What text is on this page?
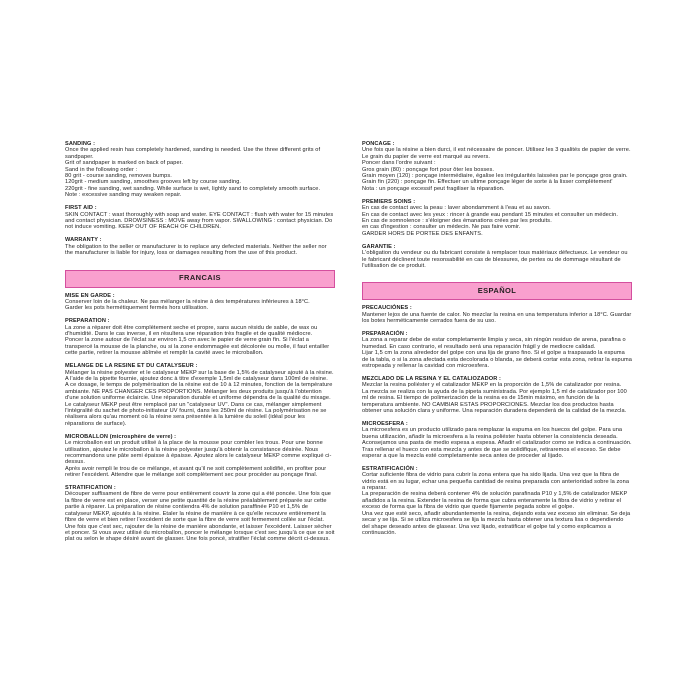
SANDING :

Once the applied resin has completely hardened, sanding is needed. Use the three different grits of sandpaper.

Grit of sandpaper is marked on back of paper.

Sand in the following order :

80 grit - course sanding, removes bumps.

120grit - medium sanding, smoothes grooves left by course sanding.

220grit - fine sanding, wet sanding. While surface is wet, lightly sand to completely smooth surface.

Note : excessive sanding may weaken repair.

FIRST AID :

SKIN CONTACT : wast thoroughly with soap and water. EYE CONTACT : flush with water for 15 minutes and contact physician. DROWSINESS : MOVE away from vapor. SWALLOWING : contact physician. Do not induce vomiting. KEEP OUT OF REACH OF CHILDREN.

WARRANTY :

The obligation to the seller or manufacturer is to replace any defected materials. Neither the seller nor the manufacturer is liable for injury, loss or damages resulting from the use of this product.

FRANCAIS
MISE EN GARDE :

Conserver loin de la chaleur. Ne pas mélanger la résine à des températures inférieures à 18°C.

Garder les pots hermétiquement fermés hors utilisation.

PREPARATION :

La zone a réparer doit être complètement seche et propre, sans aucun résidu de sable, de wax ou d'humidité. Dans le cas inverse, il en résultera une réparation très fragile et de qualité médiocre.

Poncer la zone autour de l'éclat sur environ 1,5 cm avec le papier de verre grain fin. Si l'éclat a transpercé la mousse de la planche, ou si la zone endommagée est décolorée ou molle, il faut entailler cette partie, retirer la mousse abîmée et remplir la cavité avec le microballon.

MELANGE DE LA RESINE ET DU CATALYSEUR :

Mélanger la résine polyester et le catalyseur MEKP sur la base de 1,5% de catalyseur ajouté à la résine.

A l'aide de la pipette fournie, ajoutez donc à titre d'exemple 1,5ml de catalyseur dans 100ml de résine.

A ce dosage, le temps de polymérisation de la résine est de 10 à 12 minutes, fonction de la température ambiante. NE PAS CHANGER CES PROPORTIONS. Mélanger les deux produits jusqu'à l'obtention d'une solution uniforme éclaircie. Une réparation durable et uniforme dépendra de la qualité du mixage.

Le catalyseur MEKP peut être remplacé par un "catalyseur UV". Dans ce cas, mélanger simplement l'intégralité du sachet de photo-initiateur UV fourni, dans les 250ml de résine. La polymérisation ne se réalisera alors qu'au moment où la résine sera présentée à la lumière du soleil (idéal pour les réparations de surface).

MICROBALLON (microsphère de verre) :

Le microballon est un produit utilisé à la place de la mousse pour combler les trous. Pour une bonne utilisation, ajoutez le microballon à la résine polyester jusqu'à obtenir la consistance désirée. Nous recommandons une pâte semi épaisse à épaisse. Ajoutez alors le catalyseur MEKP comme expliqué ci-dessus.

Après avoir rempli le trou de ce mélange, et avant qu'il ne soit complètement solidifié, en profiter pour retirer l'excédent. Attendre que le mélange soit complètement sec pour procéder au ponçage final.

STRATIFICATION :

Découper suffisament de fibre de verre pour entièrement couvrir la zone qui a été poncée. Une fois que la fibre de verre est en place, verser une petite quantité de la résine préalablement préparée sur cette partie à réparer. La préparation de résine contiendra 4% de solution paraffinée P10 et 1,5% de catalyseur MEKP, ajoutés à la résine. Etaler la résine de manière à ce qu'elle recouvre entièrement la fibre de verre et bien retirer l'excédent de sorte que la fibre de verre soit fermement collée sur l'éclat.

Une fois que c'est sec, rajouter de la résine de manière abondante, et laisser l'excédent. Laisser sécher et poncer. Si vous avez utilisé du microballon, poncer le mélange lorsque c'est sec jusqu'à ce que ce soit plat ou selon le shape désiré avant de glasser. Une fois poncé, stratifier l'éclat comme décrit ci-dessus.

PONCAGE :

Une fois que la résine a bien durci, il est nécessaire de poncer. Utilisez les 3 qualités de papier de verre.

Le grain du papier de verre est marqué au revers.

Poncer dans l'ordre suivant :

Gros grain (80) : ponçage fort pour ôter les bosses.

Grain moyen (120) : ponçage intermédiaire, égalise les irrégularités laissées par le ponçage gros grain.

Grain fin (220) : ponçage fin. Effectuer un ultime ponçage léger de sorte à la lisser complètement'

Nota : un ponçage excessif peut fragiliser la réparation.

PREMIERS SOINS :

En cas de contact avec la peau : laver abondamment à l'eau et au savon.

En cas de contact avec les yeux : rincer à grande eau pendant 15 minutes et consulter un médecin.

En cas de somnolence : s'éloigner des émanations crées par les produits.

en cas d'ingestion : consulter un médecin. Ne pas faire vomir.

GARDER HORS DE PORTEE DES ENFANTS.

GARANTIE :

L'obligation du vendeur ou du fabricant consiste à remplacer tous matériaux défectueux. Le vendeur ou le fabricant déclinent toute resonsabilité en cas de blessures, de pertes ou de dommage résultant de l'utilisation de ce produit.

ESPAÑOL
PRECAUCIÓNES :

Mantener lejos de una fuente de calor. No mezclar la resina en una temperatura inferior a 18°C. Guardar los botes herméticamente cerrados fuera de su uso.

PREPARACIÓN :

La zona a reparar debe de estar completamente limpia y seca, sin ningún residuo de arena, parafina o humedad. En caso contrario, el resultado será una reparación frágil y de mediocre calidad.

Lijar 1,5 cm la zona alrededor del golpe con una lija de grano fino. Si el golpe a traspasado la espuma de la tabla, o si la zona afectada esta decolorada o blanda, se deberá cortar esta zona, retirar la espuma estropeada y rellenar la cavidad con microesfera.

MEZCLADO DE LA RESINA Y EL CATALIOZADOR :

Mezclar la resina poliéster y el catalizador MEKP en la proporción de 1,5% de catalizador por resina.

La mezcla se realiza con la ayuda de la pipeta suministrada. Por ejemplo 1,5 ml de catalizador por 100 ml de resina. El tiempo de polimerización de la resina es de 15min máximo, en función de la temperatura ambiente. NO CAMBIAR ESTAS PROPORCIONES. Mezclar los dos productos hasta obtener una solución clara y uniforme. Una reparación duradera dependerá de la calidad de la mezcla.

MICROESFERA :

La microesfera es un producto utilizado para remplazar la espuma en los huecos del golpe. Para una buena utilización, añadir la microesfera a la resina poliéster hasta obtener la consistencia deseada. Aconsejamos una pasta de medio espesa a espesa. Añadir el catalizador como se indica a continuación. Tras rellenar el hueco con esta mezcla y antes de que se solidifique, retiraremos el exceso. Se debe esperar a que la mezcla esté completamente seca antes de proceder al lijado.

ESTRATIFICACIÓN :

Cortar suficiente fibra de vidrio para cubrir la zona entera que ha sido lijada. Una vez que la fibra de vidrio está en su lugar, echar una pequeña cantidad de resina preparada con anterioridad sobre la zona a reparar.

La preparación de resina deberá contener 4% de solución parafinada P10 y 1,5% de catalizador MEKP añadidos a la resina. Extender la resina de forma que cubra enteramente la fibra de vidrio y retirar el exceso de forma que la fibra de vidrio que quede fijamente pegada sobre el golpe.

Una vez que esté seco, añadir abundantemente la resina, dejando esta vez exceso sin eliminar. Se deja secar y se lija. Si se utiliza microesfera se lija la mezcla hasta obtener una textura lisa o dependiendo del shape deseado antes de glasear. Una vez lijado, estratificar el golpe tal y como explicamos a continuación.
